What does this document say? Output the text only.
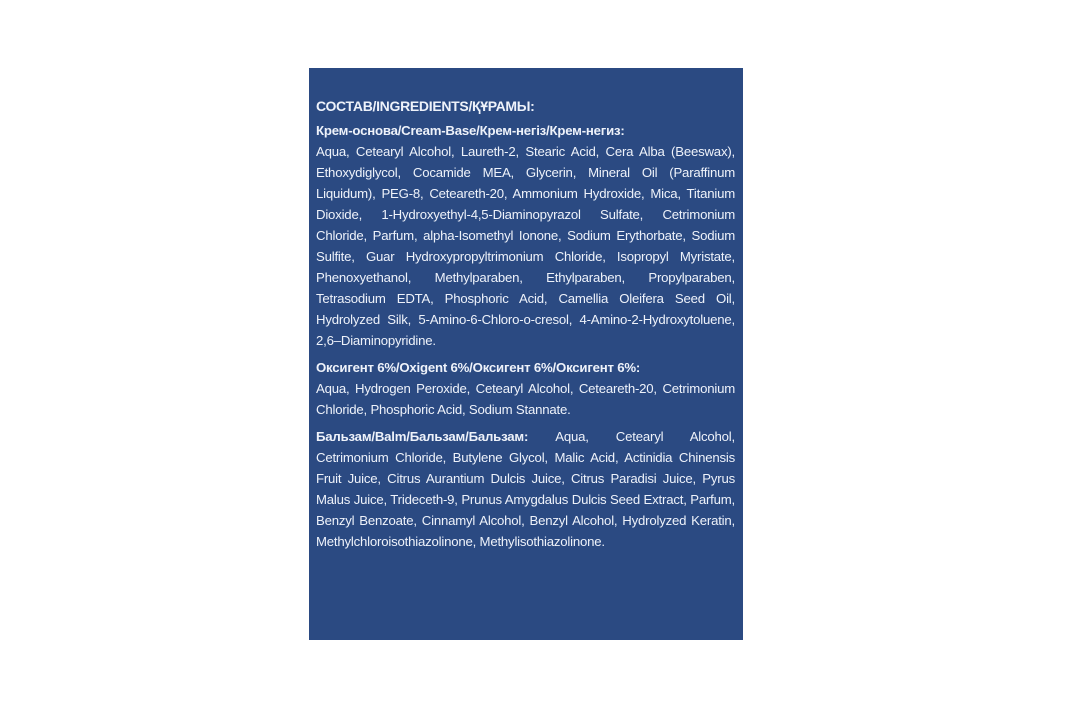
СОСТАВ/INGREDIENTS/ҚҰРАМЫ:

Крем-основа/Cream-Base/Крем-негіз/Крем-негиз:
Aqua, Cetearyl Alcohol, Laureth-2, Stearic Acid, Cera Alba (Beeswax), Ethoxydiglycol, Cocamide MEA, Glycerin, Mineral Oil (Paraffinum Liquidum), PEG-8, Ceteareth-20, Ammonium Hydroxide, Mica, Titanium Dioxide, 1-Hydroxyethyl-4,5-Diaminopyrazol Sulfate, Cetrimonium Chloride, Parfum, alpha-Isomethyl Ionone, Sodium Erythorbate, Sodium Sulfite, Guar Hydroxypropyltrimonium Chloride, Isopropyl Myristate, Phenoxyethanol, Methylparaben, Ethylparaben, Propylparaben, Tetrasodium EDTA, Phosphoric Acid, Camellia Oleifera Seed Oil, Hydrolyzed Silk, 5-Amino-6-Chloro-o-cresol, 4-Amino-2-Hydroxytoluene, 2,6–Diaminopyridine.

Оксигент 6%/Oxigent 6%/Оксигент 6%/Оксигент 6%:
Aqua, Hydrogen Peroxide, Cetearyl Alcohol, Ceteareth-20, Cetrimonium Chloride, Phosphoric Acid, Sodium Stannate.

Бальзам/Balm/Бальзам/Бальзам: Aqua, Cetearyl Alcohol, Cetrimonium Chloride, Butylene Glycol, Malic Acid, Actinidia Chinensis Fruit Juice, Citrus Aurantium Dulcis Juice, Citrus Paradisi Juice, Pyrus Malus Juice, Trideceth-9, Prunus Amygdalus Dulcis Seed Extract, Parfum, Benzyl Benzoate, Cinnamyl Alcohol, Benzyl Alcohol, Hydrolyzed Keratin, Methylchloroisothiazolinone, Methylisothiazolinone.
